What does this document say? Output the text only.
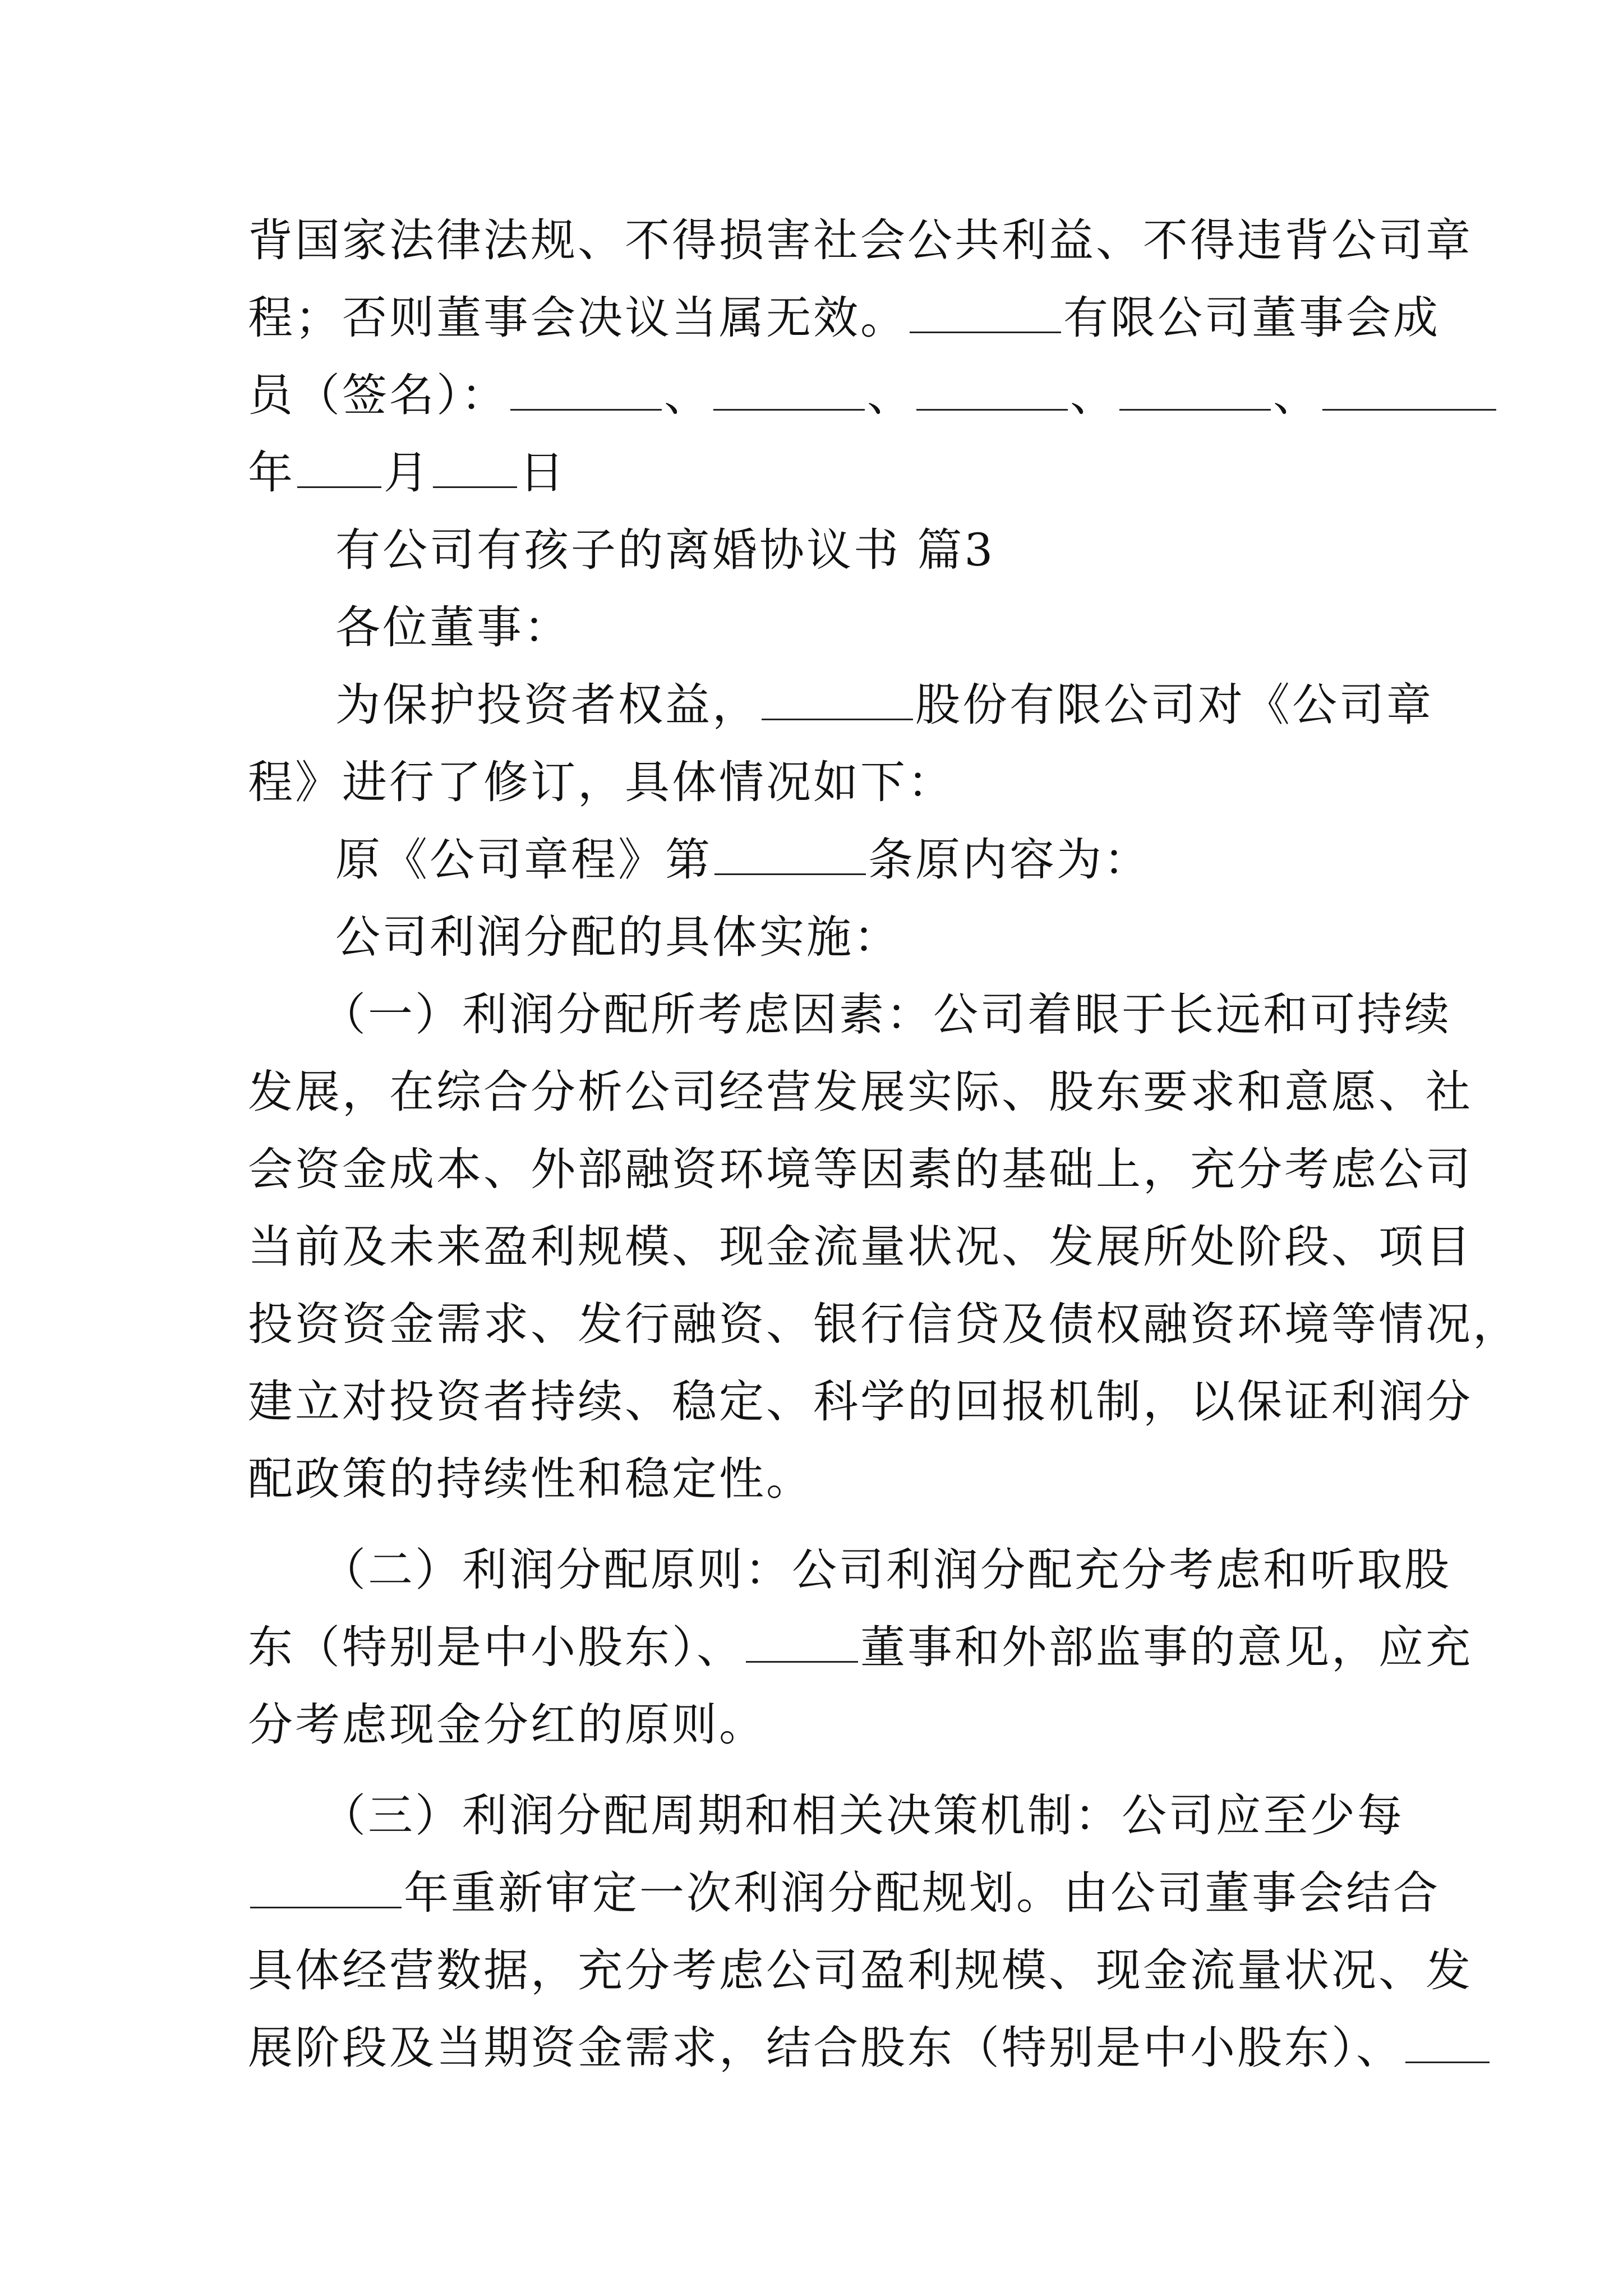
背国家法律法规、不得损害社会公共利益、不得违背公司章
程；否则董事会决议当属无效。	有限公司董事会成
员（签名）：	、	、	、	、
年 月 日
有公司有孩子的离婚协议书 篇3
各位董事：
为保护投资者权益，	股份有限公司对《公司章
程》进行了修订，具体情况如下：
原《公司章程》第	条原内容为：
公司利润分配的具体实施：
（一）利润分配所考虑因素：公司着眼于长远和可持续
发展，在综合分析公司经营发展实际、股东要求和意愿、社
会资金成本、外部融资环境等因素的基础上，充分考虑公司
当前及未来盈利规模、现金流量状况、发展所处阶段、项目
投资资金需求、发行融资、银行信贷及债权融资环境等情况，
建立对投资者持续、稳定、科学的回报机制，以保证利润分
配政策的持续性和稳定性。
（二）利润分配原则：公司利润分配充分考虑和听取股
东（特别是中小股东）、	董事和外部监事的意见，应充
分考虑现金分红的原则。
（三）利润分配周期和相关决策机制：公司应至少每
年重新审定一次利润分配规划。由公司董事会结合
具体经营数据，充分考虑公司盈利规模、现金流量状况、发
展阶段及当期资金需求，结合股东（特别是中小股东）、
